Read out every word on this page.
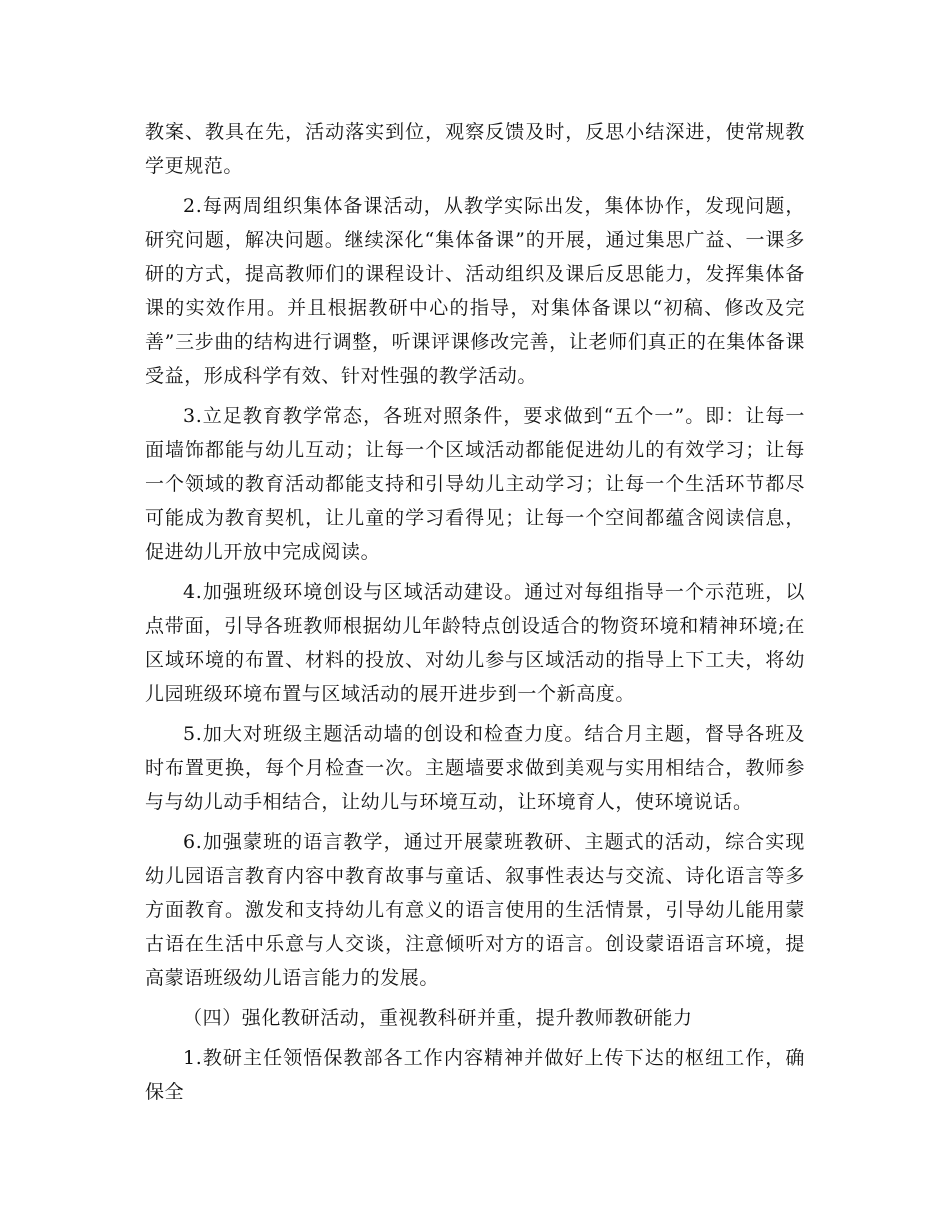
教案、教具在先，活动落实到位，观察反馈及时，反思小结深进，使常规教学更规范。

2.每两周组织集体备课活动，从教学实际出发，集体协作，发现问题，研究问题，解决问题。继续深化“集体备课”的开展，通过集思广益、一课多研的方式，提高教师们的课程设计、活动组织及课后反思能力，发挥集体备课的实效作用。并且根据教研中心的指导，对集体备课以“初稿、修改及完善”三步曲的结构进行调整，听课评课修改完善，让老师们真正的在集体备课受益，形成科学有效、针对性强的教学活动。

3.立足教育教学常态，各班对照条件，要求做到“五个一”。即：让每一面墙饰都能与幼儿互动；让每一个区域活动都能促进幼儿的有效学习；让每一个领域的教育活动都能支持和引导幼儿主动学习；让每一个生活环节都尽可能成为教育契机，让儿童的学习看得见；让每一个空间都蕴含阅读信息，促进幼儿开放中完成阅读。

4.加强班级环境创设与区域活动建设。通过对每组指导一个示范班，以点带面，引导各班教师根据幼儿年龄特点创设适合的物资环境和精神环境;在区域环境的布置、材料的投放、对幼儿参与区域活动的指导上下工夫，将幼儿园班级环境布置与区域活动的展开进步到一个新高度。

5.加大对班级主题活动墙的创设和检查力度。结合月主题，督导各班及时布置更换，每个月检查一次。主题墙要求做到美观与实用相结合，教师参与与幼儿动手相结合，让幼儿与环境互动，让环境育人，使环境说话。

6.加强蒙班的语言教学，通过开展蒙班教研、主题式的活动，综合实现幼儿园语言教育内容中教育故事与童话、叙事性表达与交流、诗化语言等多方面教育。激发和支持幼儿有意义的语言使用的生活情景，引导幼儿能用蒙古语在生活中乐意与人交谈，注意倾听对方的语言。创设蒙语语言环境，提高蒙语班级幼儿语言能力的发展。

（四）强化教研活动，重视教科研并重，提升教师教研能力

1.教研主任领悟保教部各工作内容精神并做好上传下达的枢纽工作，确保全
